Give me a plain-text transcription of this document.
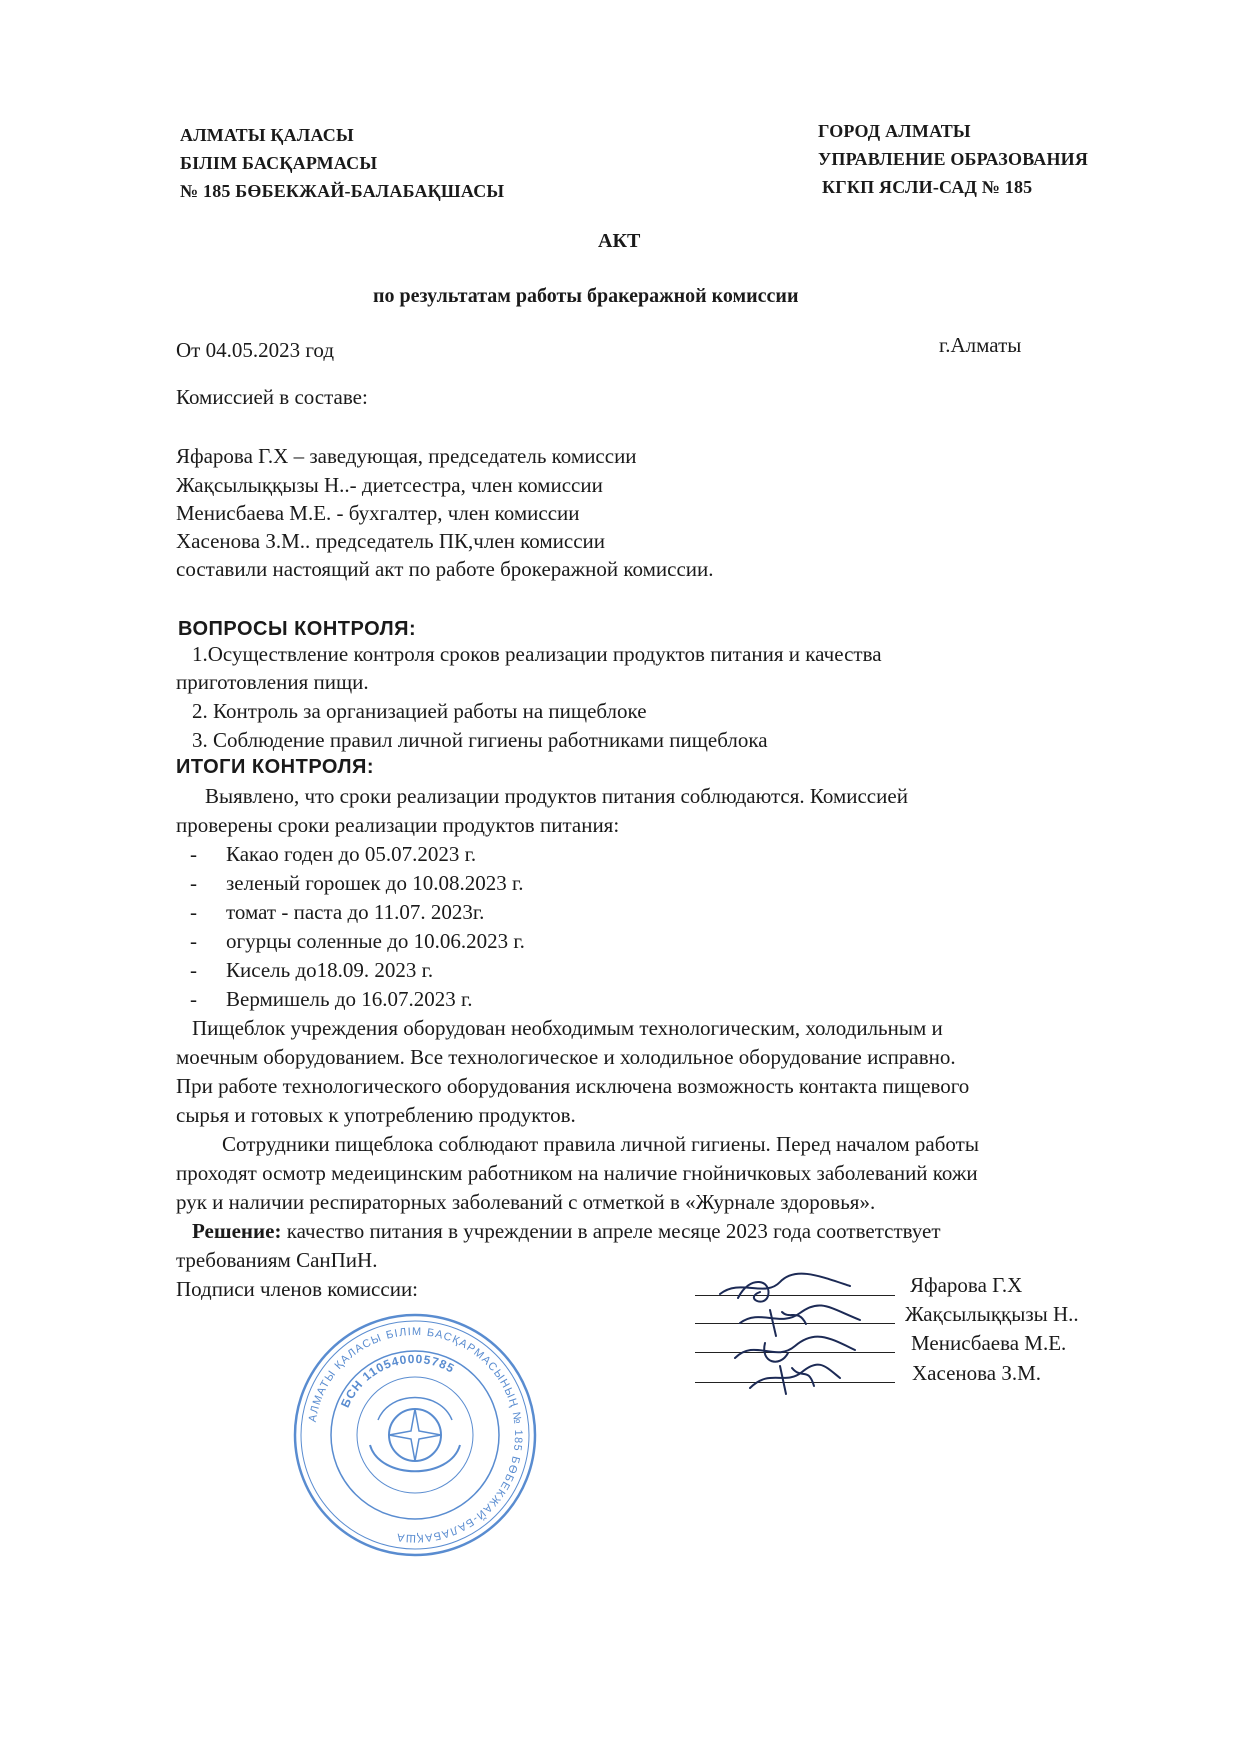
АЛМАТЫ ҚАЛАСЫ
БІЛІМ БАСҚАРМАСЫ
№ 185 БӨБЕКЖАЙ-БАЛАБАҚШАСЫ
ГОРОД АЛМАТЫ
УПРАВЛЕНИЕ ОБРАЗОВАНИЯ
КГКП ЯСЛИ-САД № 185
АКТ
по результатам работы бракеражной комиссии
От 04.05.2023 год	г.Алматы
Комиссией в составе:
Яфарова Г.Х – заведующая, председатель комиссии
Жақсылыққызы Н..- диетсестра, член комиссии
Менисбаева М.Е. - бухгалтер, член комиссии
Хасенова З.М.. председатель ПК,член комиссии
составили настоящий акт по работе брокеражной комиссии.
ВОПРОСЫ КОНТРОЛЯ:
1.Осуществление контроля сроков реализации продуктов питания и качества
приготовления пищи.
2. Контроль за организацией работы на пищеблоке
3. Соблюдение правил личной гигиены работниками пищеблока
ИТОГИ КОНТРОЛЯ:
Выявлено, что сроки реализации продуктов питания соблюдаются. Комиссией
проверены сроки реализации продуктов питания:
- Какао годен до 05.07.2023 г.
- зеленый горошек до 10.08.2023 г.
- томат - паста до 11.07. 2023г.
- огурцы соленные до 10.06.2023 г.
- Кисель до18.09. 2023 г.
- Вермишель до 16.07.2023 г.
Пищеблок учреждения оборудован необходимым технологическим, холодильным и
моечным оборудованием. Все технологическое и холодильное оборудование исправно.
При работе технологического оборудования исключена возможность контакта пищевого
сырья и готовых к употреблению продуктов.
Сотрудники пищеблока соблюдают правила личной гигиены. Перед началом работы
проходят осмотр медеицинским работником на наличие гнойничковых заболеваний кожи
рук и наличии респираторных заболеваний с отметкой в «Журнале здоровья».
Решение: качество питания в учреждении в апреле месяце 2023 года соответствует
требованиям СанПиН.
Подписи членов комиссии:	Яфарова Г.Х
Жақсылыққызы Н..
Менисбаева М.Е.
Хасенова З.М.
АЛМАТЫ ҚАЛАСЫ БІЛІМ БАСҚАРМАСЫНЫҢ № 185 БӨБЕКЖАЙ-БАЛАБАҚША
БСН 110540005785
